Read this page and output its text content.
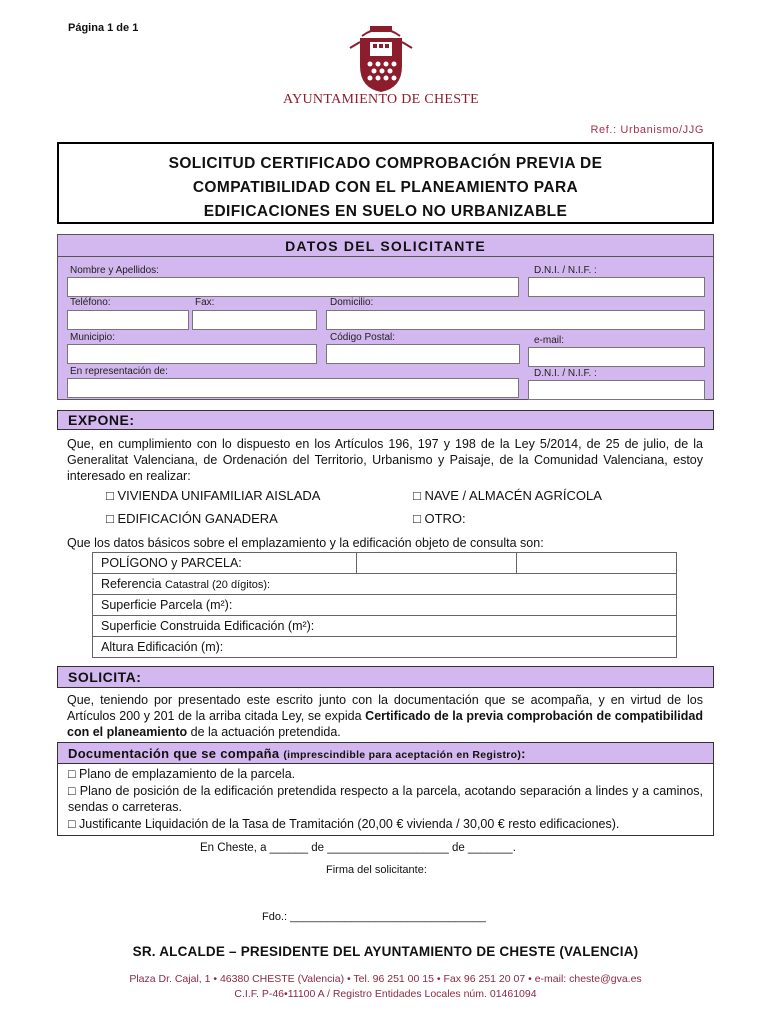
Página 1 de 1
AYUNTAMIENTO DE CHESTE
Ref.: Urbanismo/JJG
SOLICITUD CERTIFICADO COMPROBACIÓN PREVIA DE
COMPATIBILIDAD CON EL PLANEAMIENTO PARA
EDIFICACIONES EN SUELO NO URBANIZABLE
DATOS DEL SOLICITANTE
Nombre y Apellidos:	D.N.I. / N.I.F. :
Teléfono:	Fax:	Domicilio:
Municipio:	Código Postal:	e-mail:
En representación de:	D.N.I. / N.I.F. :
EXPONE:
Que, en cumplimiento con lo dispuesto en los Artículos 196, 197 y 198 de la Ley 5/2014, de 25 de julio, de la Generalitat Valenciana, de Ordenación del Territorio, Urbanismo y Paisaje, de la Comunidad Valenciana, estoy interesado en realizar:
□ VIVIENDA UNIFAMILIAR AISLADA	□ NAVE / ALMACÉN AGRÍCOLA
□ EDIFICACIÓN GANADERA	□ OTRO:
Que los datos básicos sobre el emplazamiento y la edificación objeto de consulta son:
POLÍGONO y PARCELA:		
Referencia Catastral (20 dígitos):
Superficie Parcela (m²):
Superficie Construida Edificación (m²):
Altura Edificación (m):
SOLICITA:
Que, teniendo por presentado este escrito junto con la documentación que se acompaña, y en virtud de los Artículos 200 y 201 de la arriba citada Ley, se expida Certificado de la previa comprobación de compatibilidad con el planeamiento de la actuación pretendida.
Documentación que se compaña (imprescindible para aceptación en Registro):
□ Plano de emplazamiento de la parcela.
□ Plano de posición de la edificación pretendida respecto a la parcela, acotando separación a lindes y a caminos, sendas o carreteras.
□ Justificante Liquidación de la Tasa de Tramitación (20,00 € vivienda / 30,00 € resto edificaciones).
En Cheste, a ______ de ___________________ de _______.
Firma del solicitante:
Fdo.: ________________________________
SR. ALCALDE – PRESIDENTE DEL AYUNTAMIENTO DE CHESTE (VALENCIA)
Plaza Dr. Cajal, 1 • 46380 CHESTE (Valencia) • Tel. 96 251 00 15 • Fax 96 251 20 07 • e-mail: cheste@gva.es
C.I.F. P-46•11100 A / Registro Entidades Locales núm. 01461094
